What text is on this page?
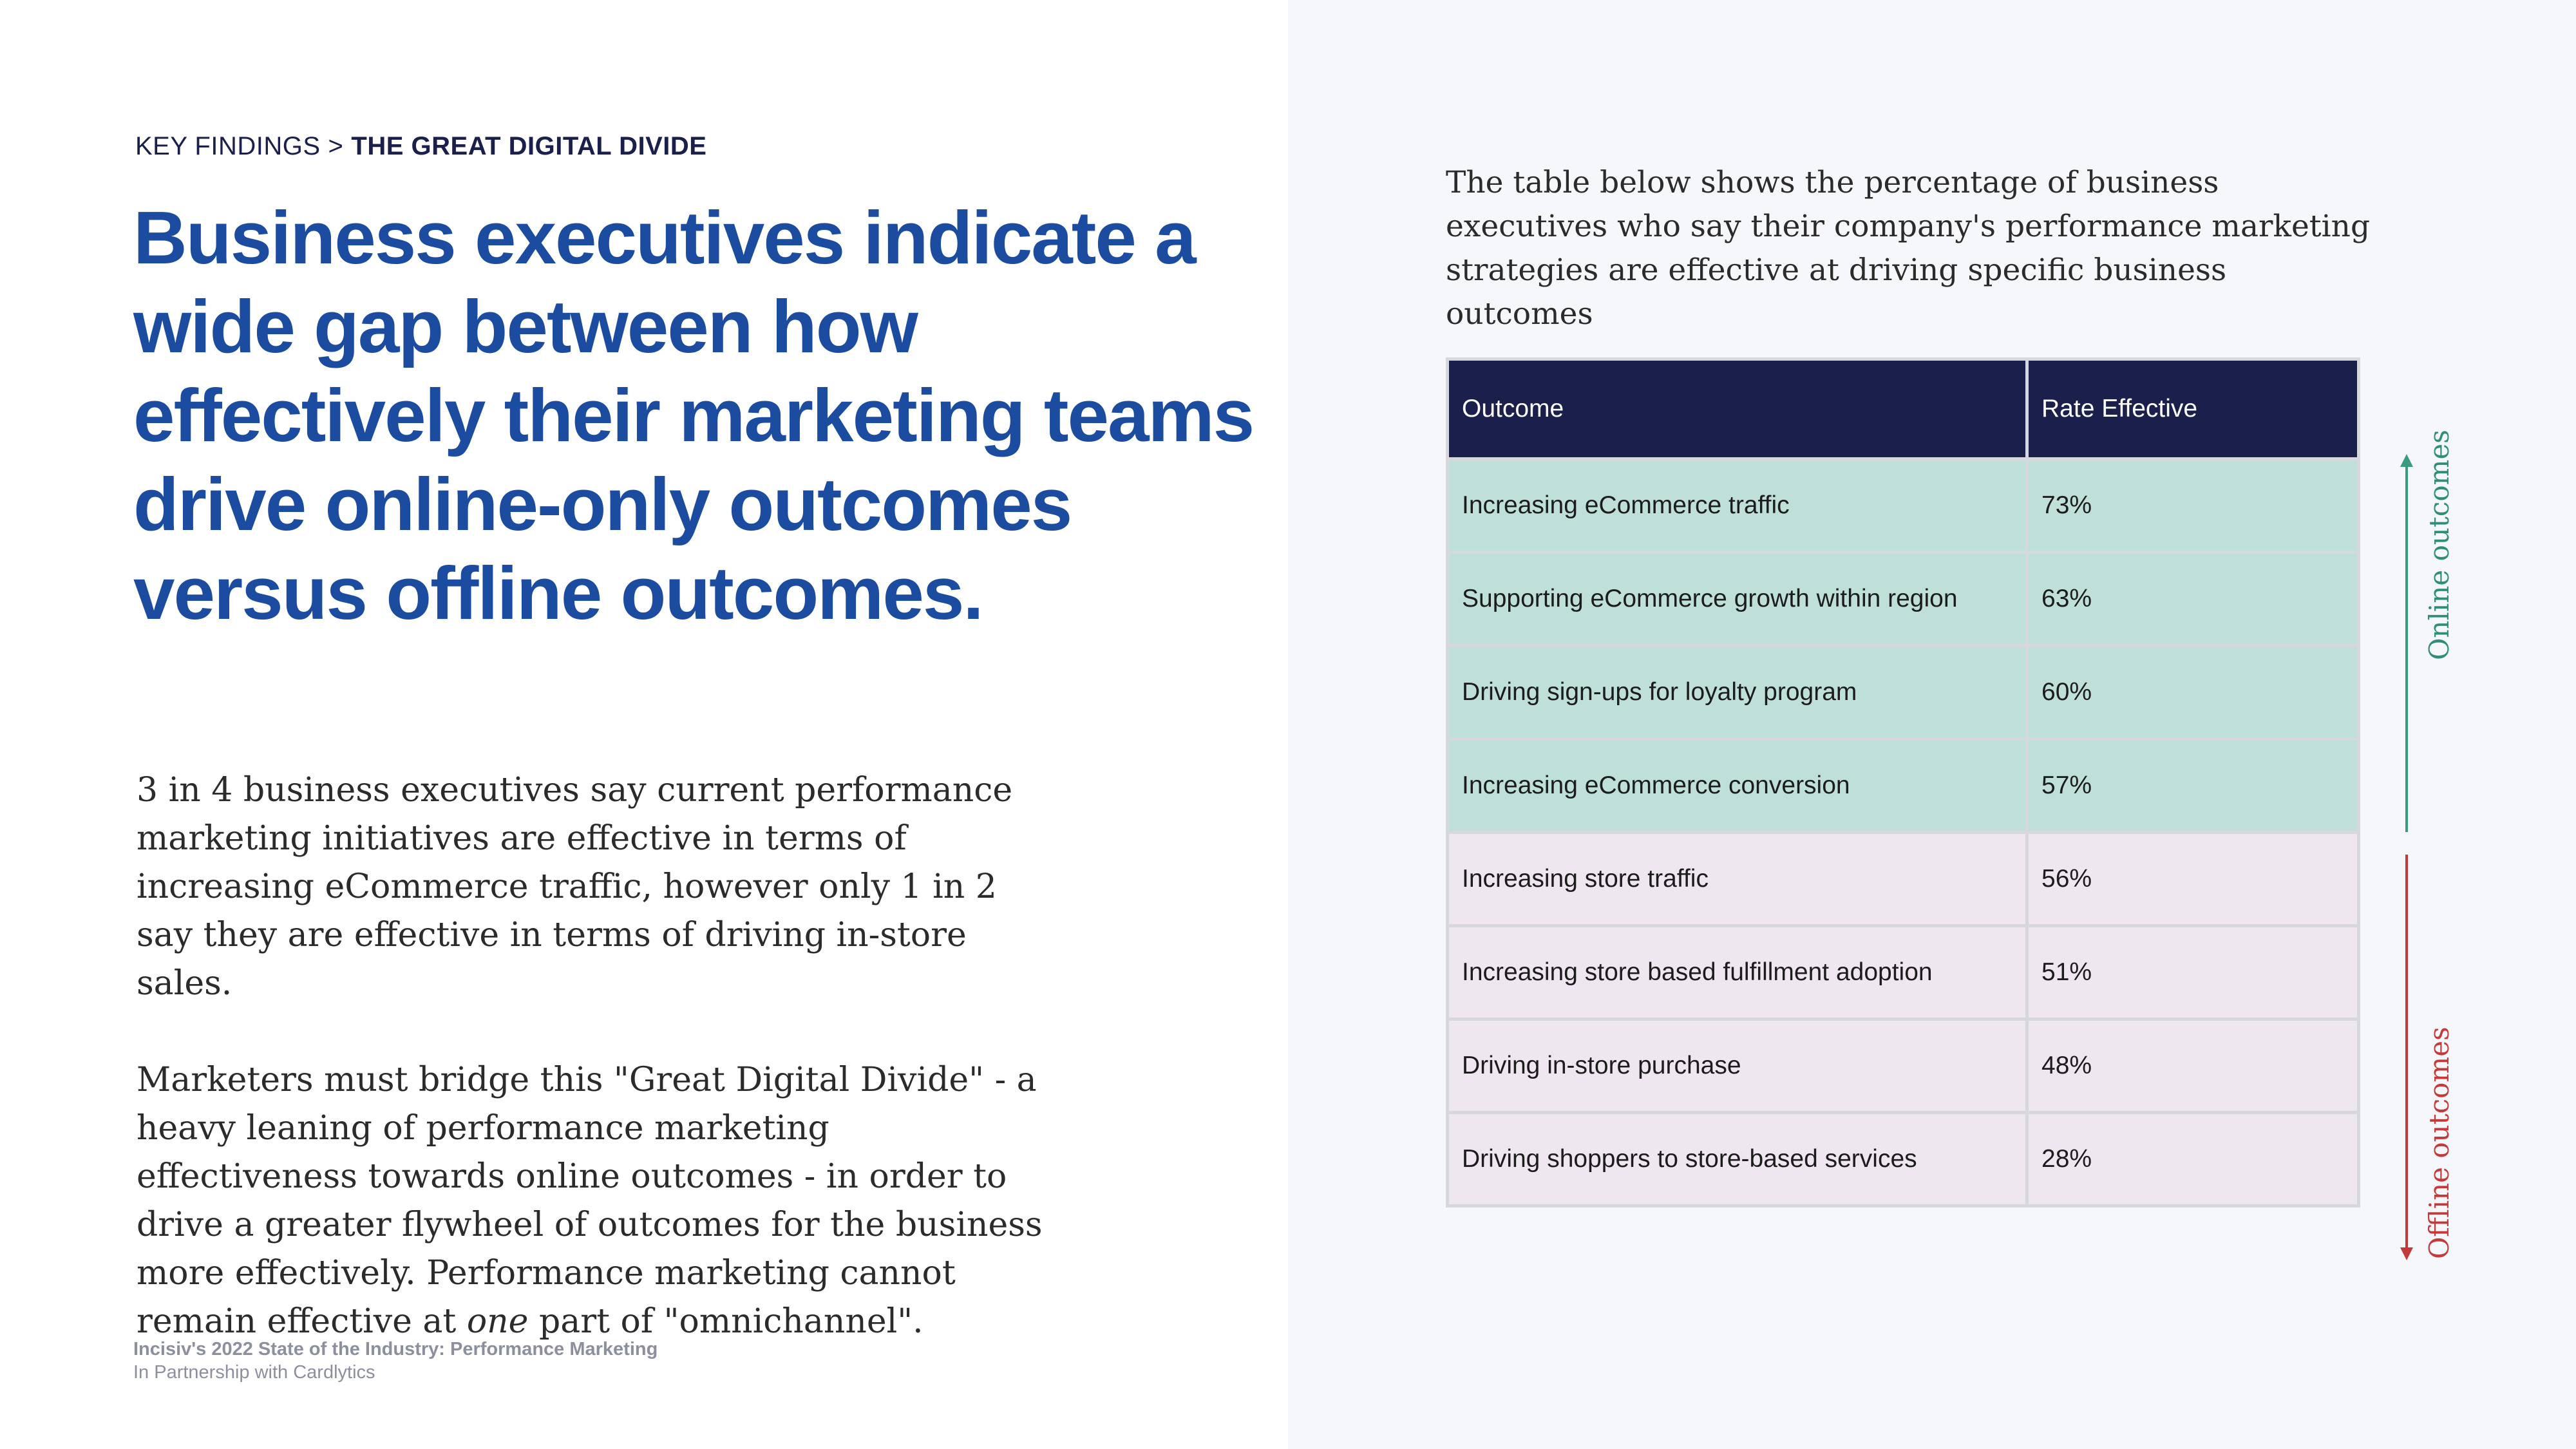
KEY FINDINGS > THE GREAT DIGITAL DIVIDE
Business executives indicate a wide gap between how effectively their marketing teams drive online-only outcomes versus offline outcomes.

3 in 4 business executives say current performance marketing initiatives are effective in terms of increasing eCommerce traffic, however only 1 in 2 say they are effective in terms of driving in-store sales.

Marketers must bridge this "Great Digital Divide" - a heavy leaning of performance marketing effectiveness towards online outcomes - in order to drive a greater flywheel of outcomes for the business more effectively. Performance marketing cannot remain effective at one part of "omnichannel".

Incisiv's 2022 State of the Industry: Performance Marketing
In Partnership with Cardlytics
The table below shows the percentage of business executives who say their company's performance marketing strategies are effective at driving specific business outcomes
Outcome	Rate Effective
Increasing eCommerce traffic	73%
Supporting eCommerce growth within region	63%
Driving sign-ups for loyalty program	60%
Increasing eCommerce conversion	57%
Increasing store traffic	56%
Increasing store based fulfillment adoption	51%
Driving in-store purchase	48%
Driving shoppers to store-based services	28%
Online outcomes
Offline outcomes
